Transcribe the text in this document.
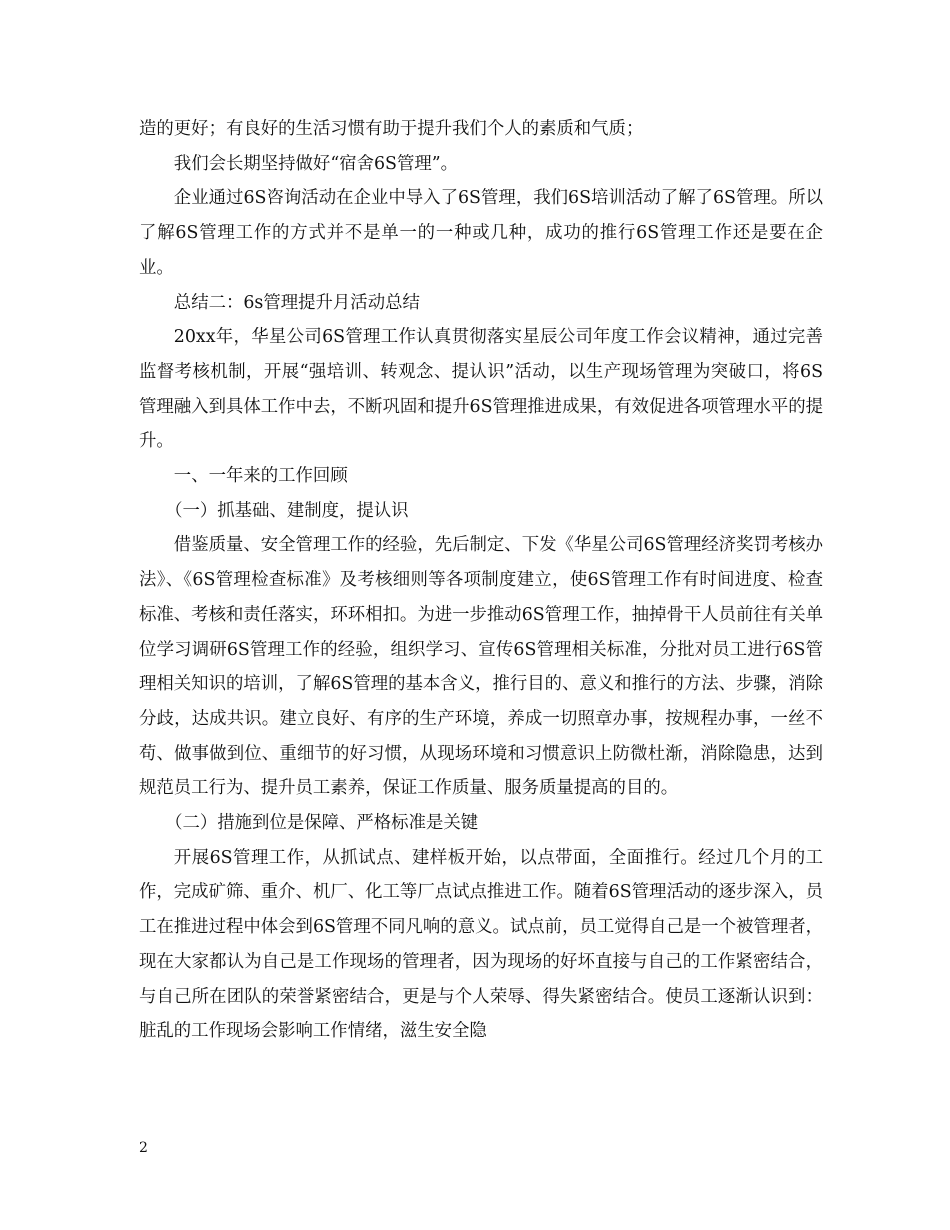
造的更好；有良好的生活习惯有助于提升我们个人的素质和气质；

我们会长期坚持做好“宿舍6S管理”。

企业通过6S咨询活动在企业中导入了6S管理，我们6S培训活动了解了6S管理。所以了解6S管理工作的方式并不是单一的一种或几种，成功的推行6S管理工作还是要在企业。

总结二：6s管理提升月活动总结

20xx年，华星公司6S管理工作认真贯彻落实星辰公司年度工作会议精神，通过完善监督考核机制，开展“强培训、转观念、提认识”活动，以生产现场管理为突破口，将6S管理融入到具体工作中去，不断巩固和提升6S管理推进成果，有效促进各项管理水平的提升。

一、一年来的工作回顾

（一）抓基础、建制度，提认识

借鉴质量、安全管理工作的经验，先后制定、下发《华星公司6S管理经济奖罚考核办法》、《6S管理检查标准》及考核细则等各项制度建立，使6S管理工作有时间进度、检查标准、考核和责任落实，环环相扣。为进一步推动6S管理工作，抽掉骨干人员前往有关单位学习调研6S管理工作的经验，组织学习、宣传6S管理相关标准，分批对员工进行6S管理相关知识的培训，了解6S管理的基本含义，推行目的、意义和推行的方法、步骤，消除分歧，达成共识。建立良好、有序的生产环境，养成一切照章办事，按规程办事，一丝不苟、做事做到位、重细节的好习惯，从现场环境和习惯意识上防微杜渐，消除隐患，达到规范员工行为、提升员工素养，保证工作质量、服务质量提高的目的。

（二）措施到位是保障、严格标准是关键

开展6S管理工作，从抓试点、建样板开始，以点带面，全面推行。经过几个月的工作，完成矿筛、重介、机厂、化工等厂点试点推进工作。随着6S管理活动的逐步深入，员工在推进过程中体会到6S管理不同凡响的意义。试点前，员工觉得自己是一个被管理者，现在大家都认为自己是工作现场的管理者，因为现场的好坏直接与自己的工作紧密结合，与自己所在团队的荣誉紧密结合，更是与个人荣辱、得失紧密结合。使员工逐渐认识到：脏乱的工作现场会影响工作情绪，滋生安全隐

2
